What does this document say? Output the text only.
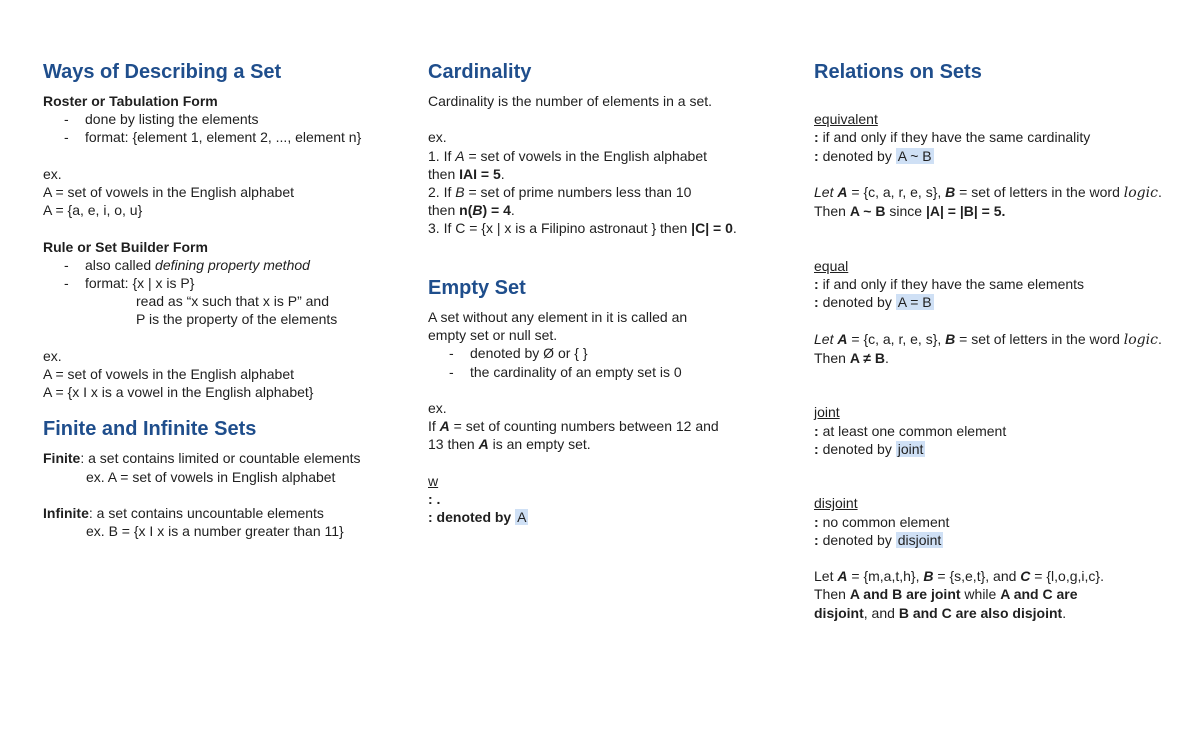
Ways of Describing a Set

Roster or Tabulation Form

- done by listing the elements

- format: {element 1, element 2, ..., element n}

ex.

A = set of vowels in the English alphabet

A = {a, e, i, o, u}

Rule or Set Builder Form

- also called defining property method

- format: {x | x is P}

read as “x such that x is P” and

P is the property of the elements

ex.

A = set of vowels in the English alphabet

A = {x I x is a vowel in the English alphabet}

Finite and Infinite Sets

Finite: a set contains limited or countable elements

ex. A = set of vowels in English alphabet

Infinite: a set contains uncountable elements

ex. B = {x I x is a number greater than 11}

Cardinality

Cardinality is the number of elements in a set.

ex.

1. If A = set of vowels in the English alphabet

then IAI = 5.

2. If B = set of prime numbers less than 10

then n(B) = 4.

3. If C = {x | x is a Filipino astronaut } then |C| = 0.

Empty Set

A set without any element in it is called an

empty set or null set.

- denoted by Ø or { }

- the cardinality of an empty set is 0

ex.

If A = set of counting numbers between 12 and

13 then A is an empty set.

w

: .

: denoted by A

Relations on Sets

equivalent

: if and only if they have the same cardinality

: denoted by A ~ B

Let A = {c, a, r, e, s}, B = set of letters in the word logic.

Then A ~ B since |A| = |B| = 5.

equal

: if and only if they have the same elements

: denoted by A = B

Let A = {c, a, r, e, s}, B = set of letters in the word logic.

Then A ≠ B.

joint

: at least one common element

: denoted by joint

disjoint

: no common element

: denoted by disjoint

Let A = {m,a,t,h}, B = {s,e,t}, and C = {l,o,g,i,c}.

Then A and B are joint while A and C are

disjoint, and B and C are also disjoint.
